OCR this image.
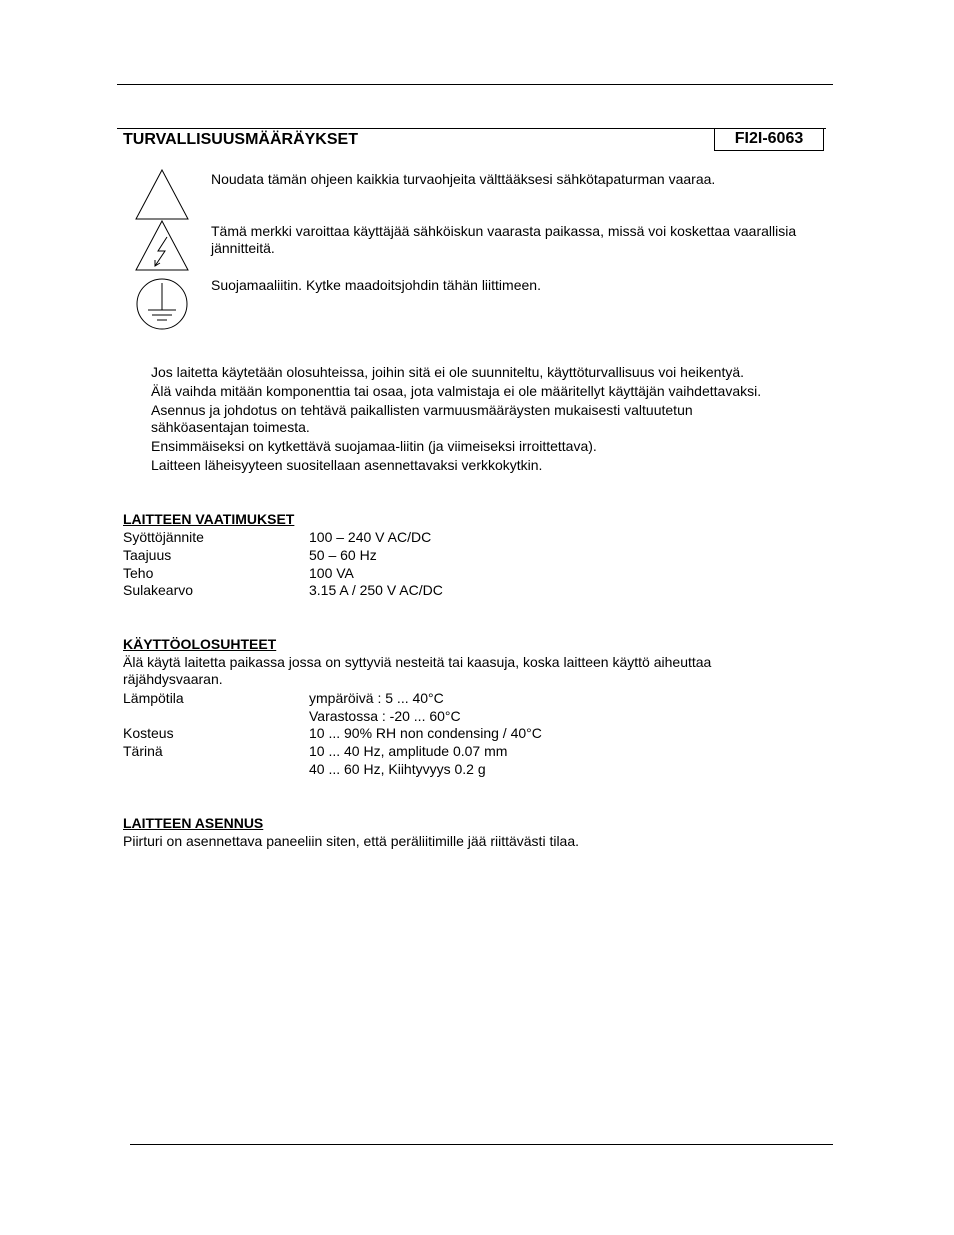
TURVALLISUUSMÄÄRÄYKSET	FI2I-6063

Noudata tämän ohjeen kaikkia turvaohjeita välttääksesi sähkötapaturman vaaraa.

Tämä merkki varoittaa käyttäjää sähköiskun vaarasta paikassa, missä voi koskettaa vaarallisia jännitteitä.

Suojamaaliitin. Kytke maadoitsjohdin tähän liittimeen.

Jos laitetta käytetään olosuhteissa, joihin sitä ei ole suunniteltu, käyttöturvallisuus voi heikentyä.

Älä vaihda mitään komponenttia tai osaa, jota valmistaja ei ole määritellyt käyttäjän vaihdettavaksi.

Asennus ja johdotus on tehtävä paikallisten varmuusmääräysten mukaisesti valtuutetun sähköasentajan toimesta.

Ensimmäiseksi on kytkettävä suojamaa-liitin (ja viimeiseksi irroittettava).

Laitteen läheisyyteen suositellaan asennettavaksi verkkokytkin.

LAITTEEN VAATIMUKSET

Syöttöjännite	100 – 240 V AC/DC
Taajuus	50 – 60 Hz
Teho	100 VA
Sulakearvo	3.15 A / 250 V AC/DC

KÄYTTÖOLOSUHTEET

Älä käytä laitetta paikassa jossa on syttyviä nesteitä tai kaasuja, koska laitteen käyttö aiheuttaa räjähdysvaaran.

Lämpötila	ympäröivä : 5 ... 40°C
Varastossa : -20 ... 60°C
Kosteus	10 ... 90% RH non condensing / 40°C
Tärinä	10 ... 40 Hz, amplitude 0.07 mm
40 ... 60 Hz, Kiihtyvyys 0.2 g

LAITTEEN ASENNUS

Piirturi on asennettava paneeliin siten, että peräliitimille jää riittävästi tilaa.
